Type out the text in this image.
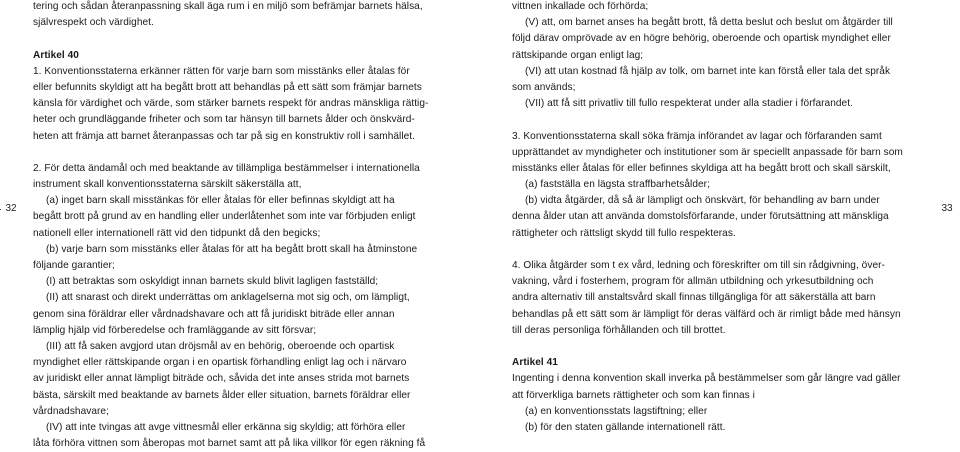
32
tering och sådan återanpassning skall äga rum i en miljö som befrämjar barnets hälsa,
självrespekt och värdighet.
Artikel 40
1. Konventionsstaterna erkänner rätten för varje barn som misstänks eller åtalas för
eller befunnits skyldigt att ha begått brott att behandlas på ett sätt som främjar barnets
känsla för värdighet och värde, som stärker barnets respekt för andras mänskliga rättig-
heter och grundläggande friheter och som tar hänsyn till barnets ålder och önskvärd-
heten att främja att barnet återanpassas och tar på sig en konstruktiv roll i samhället.
2. För detta ändamål och med beaktande av tillämpliga bestämmelser i internationella
instrument skall konventionsstaterna särskilt säkerställa att,
(a) inget barn skall misstänkas för eller åtalas för eller befinnas skyldigt att ha
begått brott på grund av en handling eller underlåtenhet som inte var förbjuden enligt
nationell eller internationell rätt vid den tidpunkt då den begicks;
(b) varje barn som misstänks eller åtalas för att ha begått brott skall ha åtminstone
följande garantier;
(I) att betraktas som oskyldigt innan barnets skuld blivit lagligen fastställd;
(II) att snarast och direkt underrättas om anklagelserna mot sig och, om lämpligt,
genom sina föräldrar eller vårdnadshavare och att få juridiskt biträde eller annan
lämplig hjälp vid förberedelse och framläggande av sitt försvar;
(III) att få saken avgjord utan dröjsmål av en behörig, oberoende och opartisk
myndighet eller rättskipande organ i en opartisk förhandling enligt lag och i närvaro
av juridiskt eller annat lämpligt biträde och, såvida det inte anses strida mot barnets
bästa, särskilt med beaktande av barnets ålder eller situation, barnets föräldrar eller
vårdnadshavare;
(IV) att inte tvingas att avge vittnesmål eller erkänna sig skyldig; att förhöra eller
låta förhöra vittnen som åberopas mot barnet samt att på lika villkor för egen räkning få
vittnen inkallade och förhörda;
(V) att, om barnet anses ha begått brott, få detta beslut och beslut om åtgärder till
följd därav omprövade av en högre behörig, oberoende och opartisk myndighet eller
rättskipande organ enligt lag;
(VI) att utan kostnad få hjälp av tolk, om barnet inte kan förstå eller tala det språk
som används;
(VII) att få sitt privatliv till fullo respekterat under alla stadier i förfarandet.
3. Konventionsstaterna skall söka främja införandet av lagar och förfaranden samt
upprättandet av myndigheter och institutioner som är speciellt anpassade för barn som
misstänks eller åtalas för eller befinnes skyldiga att ha begått brott och skall särskilt,
(a) fastställa en lägsta straffbarhetsålder;
(b) vidta åtgärder, då så är lämpligt och önskvärt, för behandling av barn under
denna ålder utan att använda domstolsförfarande, under förutsättning att mänskliga
rättigheter och rättsligt skydd till fullo respekteras.
4. Olika åtgärder som t ex vård, ledning och föreskrifter om till sin rådgivning, över-
vakning, vård i fosterhem, program för allmän utbildning och yrkesutbildning och
andra alternativ till anstaltsvård skall finnas tillgängliga för att säkerställa att barn
behandlas på ett sätt som är lämpligt för deras välfärd och är rimligt både med hänsyn
till deras personliga förhållanden och till brottet.
Artikel 41
Ingenting i denna konvention skall inverka på bestämmelser som går längre vad gäller
att förverkliga barnets rättigheter och som kan finnas i
(a) en konventionsstats lagstiftning; eller
(b) för den staten gällande internationell rätt.
33
